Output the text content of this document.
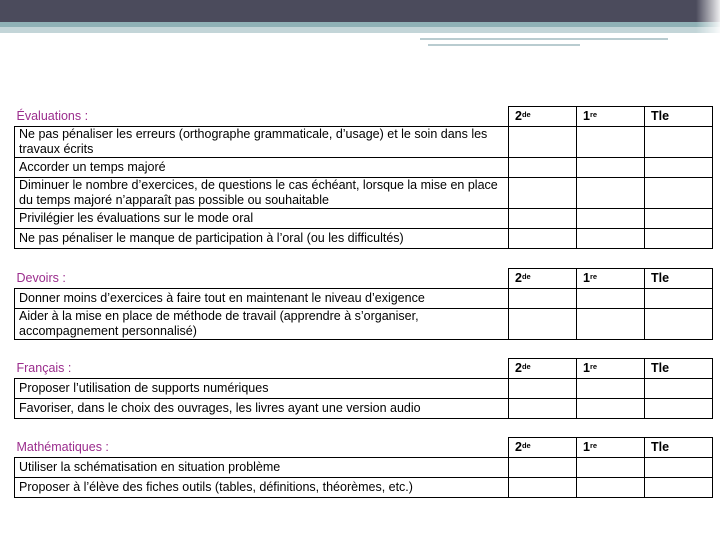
Évaluations :	2de	1re	Tle
Ne pas pénaliser les erreurs (orthographe grammaticale, d’usage) et le soin dans les travaux écrits			
Accorder un temps majoré			
Diminuer le nombre d’exercices, de questions le cas échéant, lorsque la mise en place du temps majoré n’apparaît pas possible ou souhaitable			
Privilégier les évaluations sur le mode oral			
Ne pas pénaliser le manque de participation à l’oral (ou les difficultés)			
Devoirs :	2de	1re	Tle
Donner moins d’exercices à faire tout en maintenant le niveau d’exigence			
Aider à la mise en place de méthode de travail (apprendre à s’organiser, accompagnement personnalisé)			
Français :	2de	1re	Tle
Proposer l’utilisation de supports numériques			
Favoriser, dans le choix des ouvrages, les livres ayant une version audio			
Mathématiques :	2de	1re	Tle
Utiliser la schématisation en situation problème			
Proposer à l’élève des fiches outils (tables, définitions, théorèmes, etc.)			
